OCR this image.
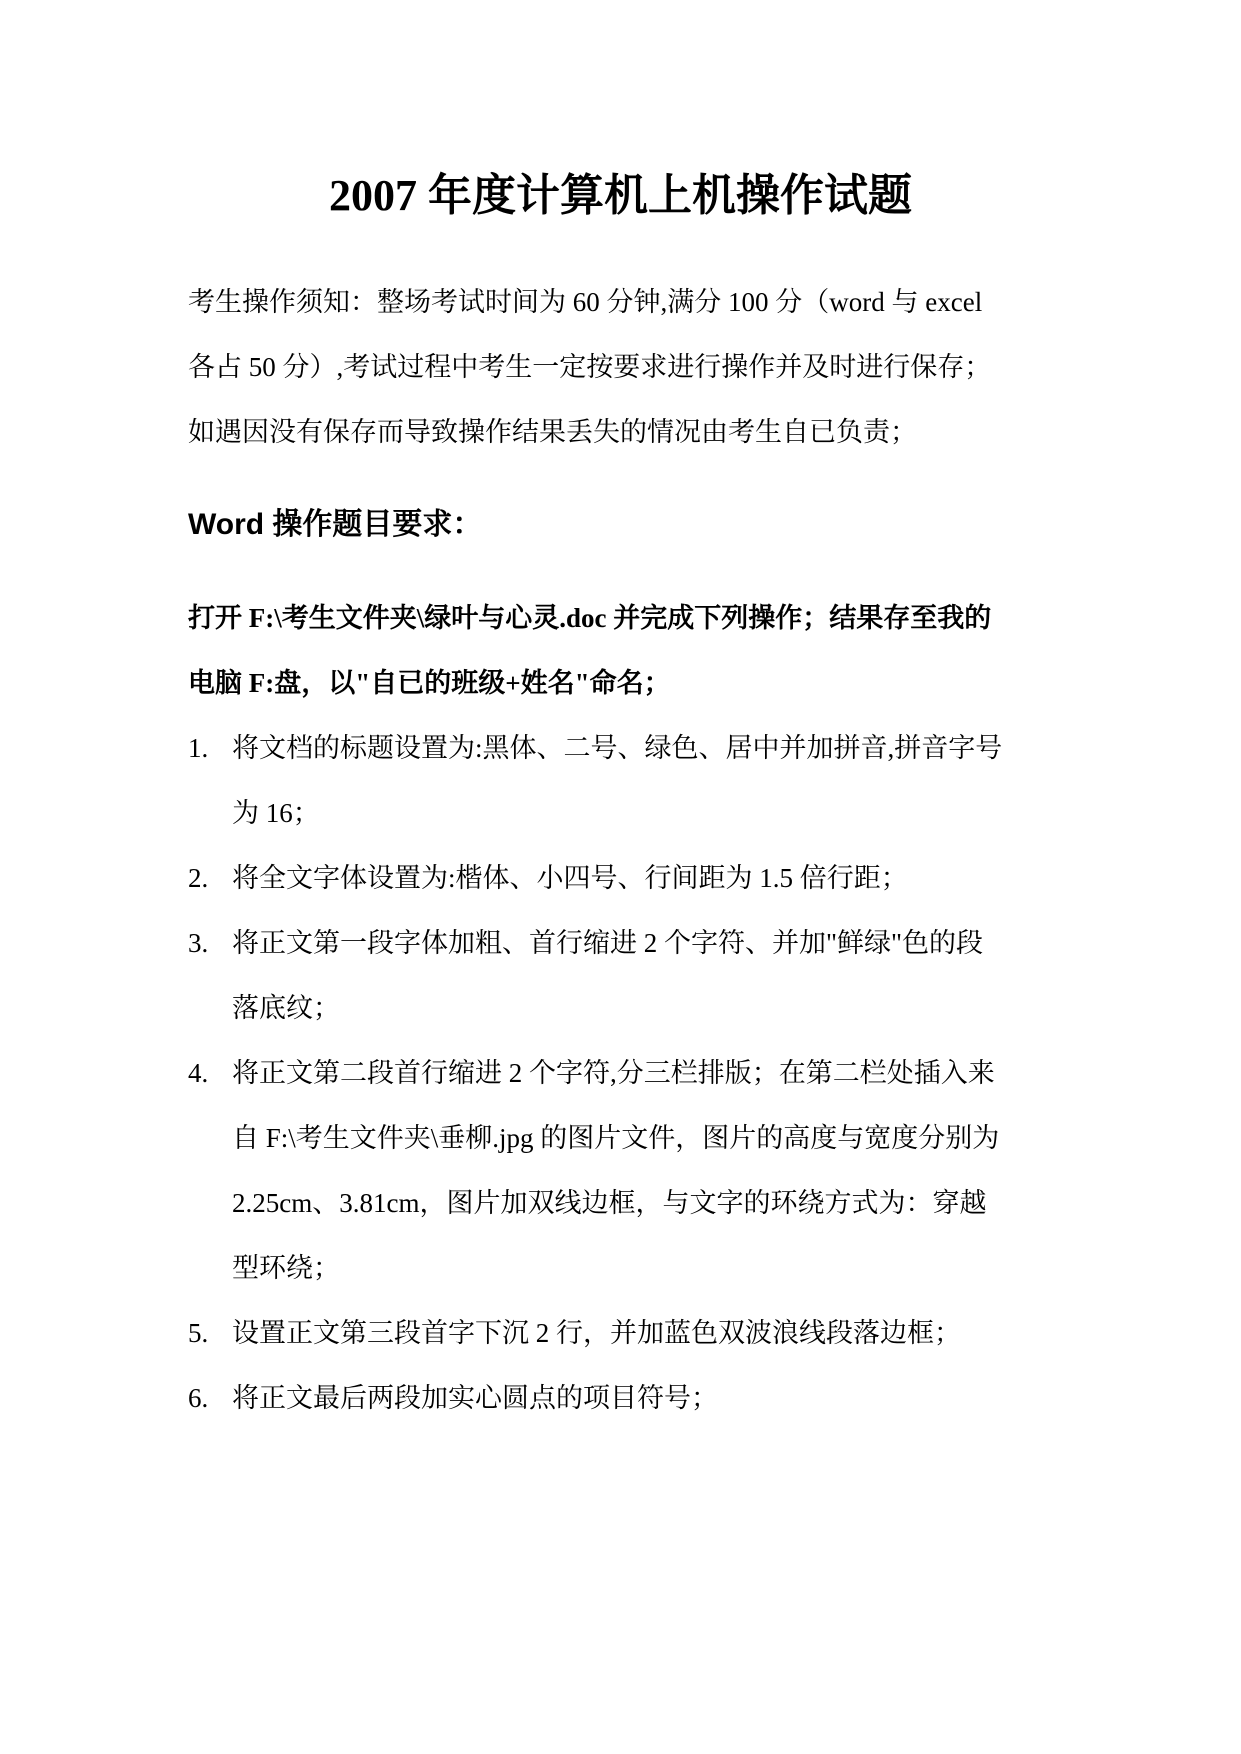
2007 年度计算机上机操作试题

考生操作须知：整场考试时间为 60 分钟,满分 100 分（word 与 excel
各占 50 分）,考试过程中考生一定按要求进行操作并及时进行保存；
如遇因没有保存而导致操作结果丢失的情况由考生自已负责；

Word 操作题目要求：

打开 F:\考生文件夹\绿叶与心灵.doc 并完成下列操作；结果存至我的
电脑 F:盘，以"自已的班级+姓名"命名；

1. 将文档的标题设置为:黑体、二号、绿色、居中并加拼音,拼音字号
为 16；
2. 将全文字体设置为:楷体、小四号、行间距为 1.5 倍行距；
3. 将正文第一段字体加粗、首行缩进 2 个字符、并加"鲜绿"色的段
落底纹；
4. 将正文第二段首行缩进 2 个字符,分三栏排版；在第二栏处插入来
自 F:\考生文件夹\垂柳.jpg 的图片文件，图片的高度与宽度分别为
2.25cm、3.81cm，图片加双线边框，与文字的环绕方式为：穿越
型环绕；
5. 设置正文第三段首字下沉 2 行，并加蓝色双波浪线段落边框；
6. 将正文最后两段加实心圆点的项目符号；
